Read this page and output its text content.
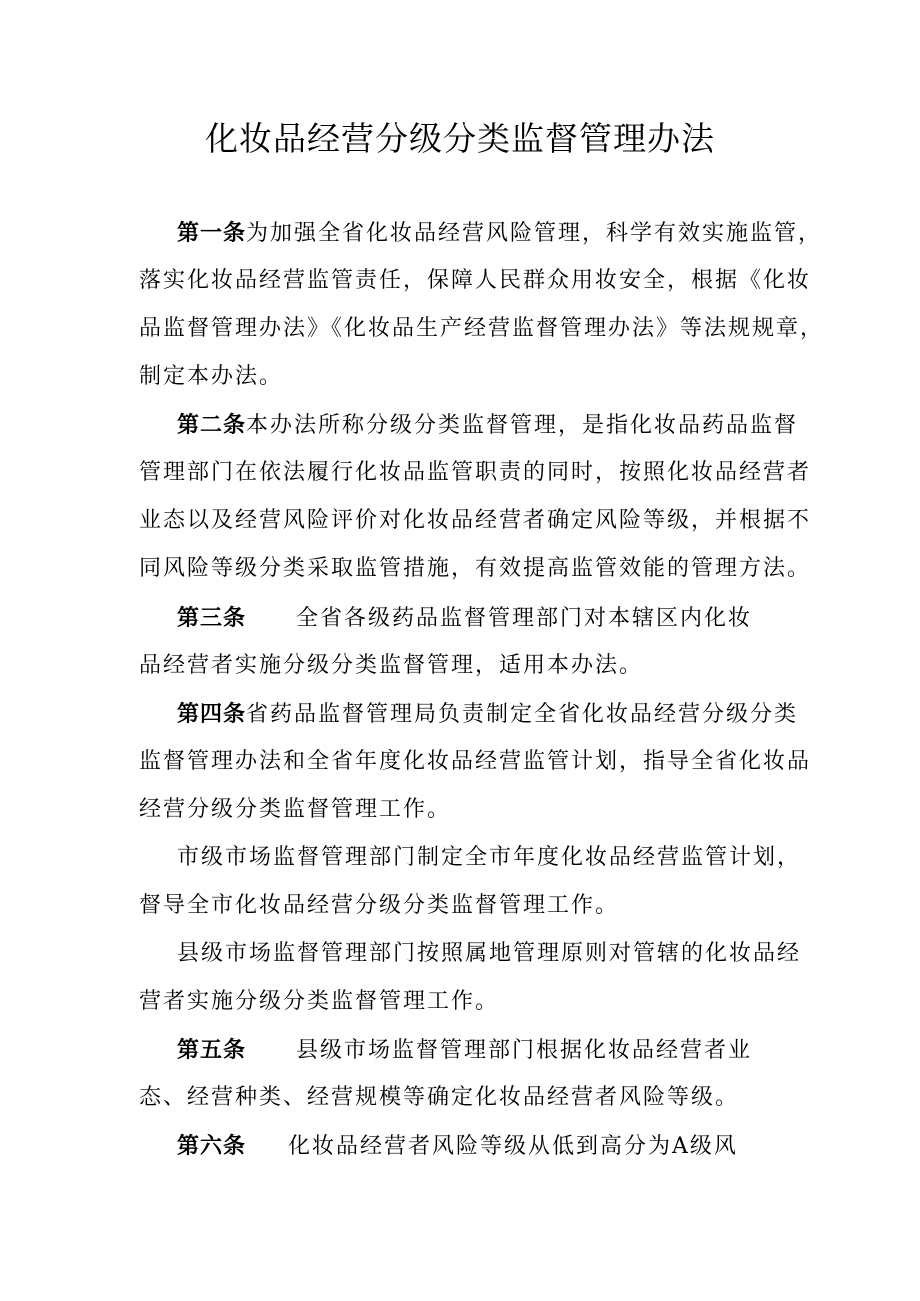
化妆品经营分级分类监督管理办法
第一条为加强全省化妆品经营风险管理，科学有效实施监管，
落实化妆品经营监管责任，保障人民群众用妆安全，根据《化妆
品监督管理办法》《化妆品生产经营监督管理办法》等法规规章，
制定本办法。
第二条本办法所称分级分类监督管理，是指化妆品药品监督
管理部门在依法履行化妆品监管职责的同时，按照化妆品经营者
业态以及经营风险评价对化妆品经营者确定风险等级，并根据不
同风险等级分类采取监管措施，有效提高监管效能的管理方法。
第三条 全省各级药品监督管理部门对本辖区内化妆
品经营者实施分级分类监督管理，适用本办法。
第四条省药品监督管理局负责制定全省化妆品经营分级分类
监督管理办法和全省年度化妆品经营监管计划，指导全省化妆品
经营分级分类监督管理工作。
市级市场监督管理部门制定全市年度化妆品经营监管计划，
督导全市化妆品经营分级分类监督管理工作。
县级市场监督管理部门按照属地管理原则对管辖的化妆品经
营者实施分级分类监督管理工作。
第五条 县级市场监督管理部门根据化妆品经营者业
态、经营种类、经营规模等确定化妆品经营者风险等级。
第六条 化妆品经营者风险等级从低到高分为A级风
